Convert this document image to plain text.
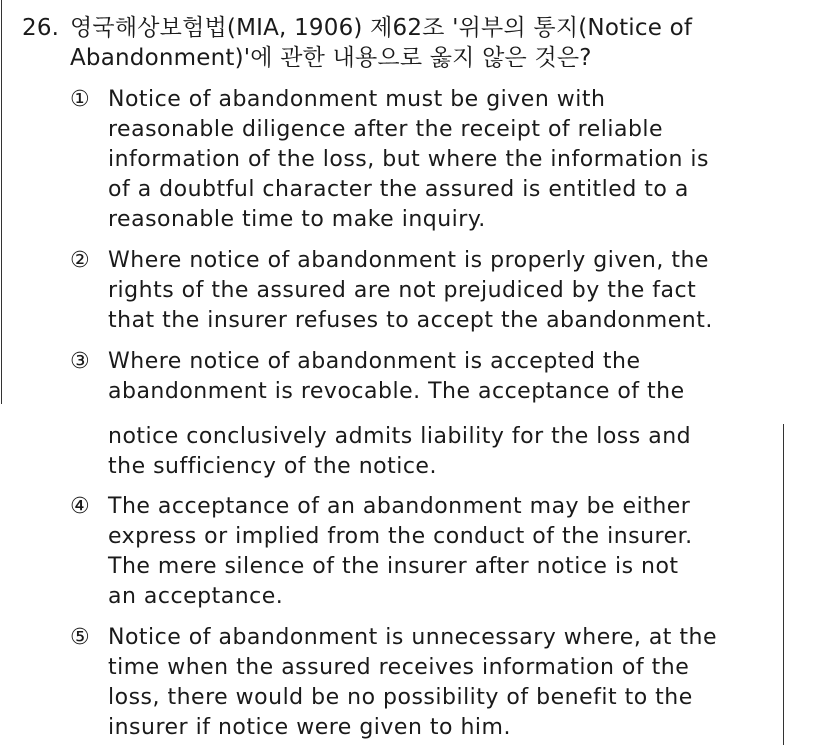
26. 영국해상보험법(MIA, 1906) 제62조 '위부의 통지(Notice of
Abandonment)'에 관한 내용으로 옳지 않은 것은?
① Notice of abandonment must be given with
reasonable diligence after the receipt of reliable
information of the loss, but where the information is
of a doubtful character the assured is entitled to a
reasonable time to make inquiry.
② Where notice of abandonment is properly given, the
rights of the assured are not prejudiced by the fact
that the insurer refuses to accept the abandonment.
③ Where notice of abandonment is accepted the
abandonment is revocable. The acceptance of the
notice conclusively admits liability for the loss and
the sufficiency of the notice.
④ The acceptance of an abandonment may be either
express or implied from the conduct of the insurer.
The mere silence of the insurer after notice is not
an acceptance.
⑤ Notice of abandonment is unnecessary where, at the
time when the assured receives information of the
loss, there would be no possibility of benefit to the
insurer if notice were given to him.
